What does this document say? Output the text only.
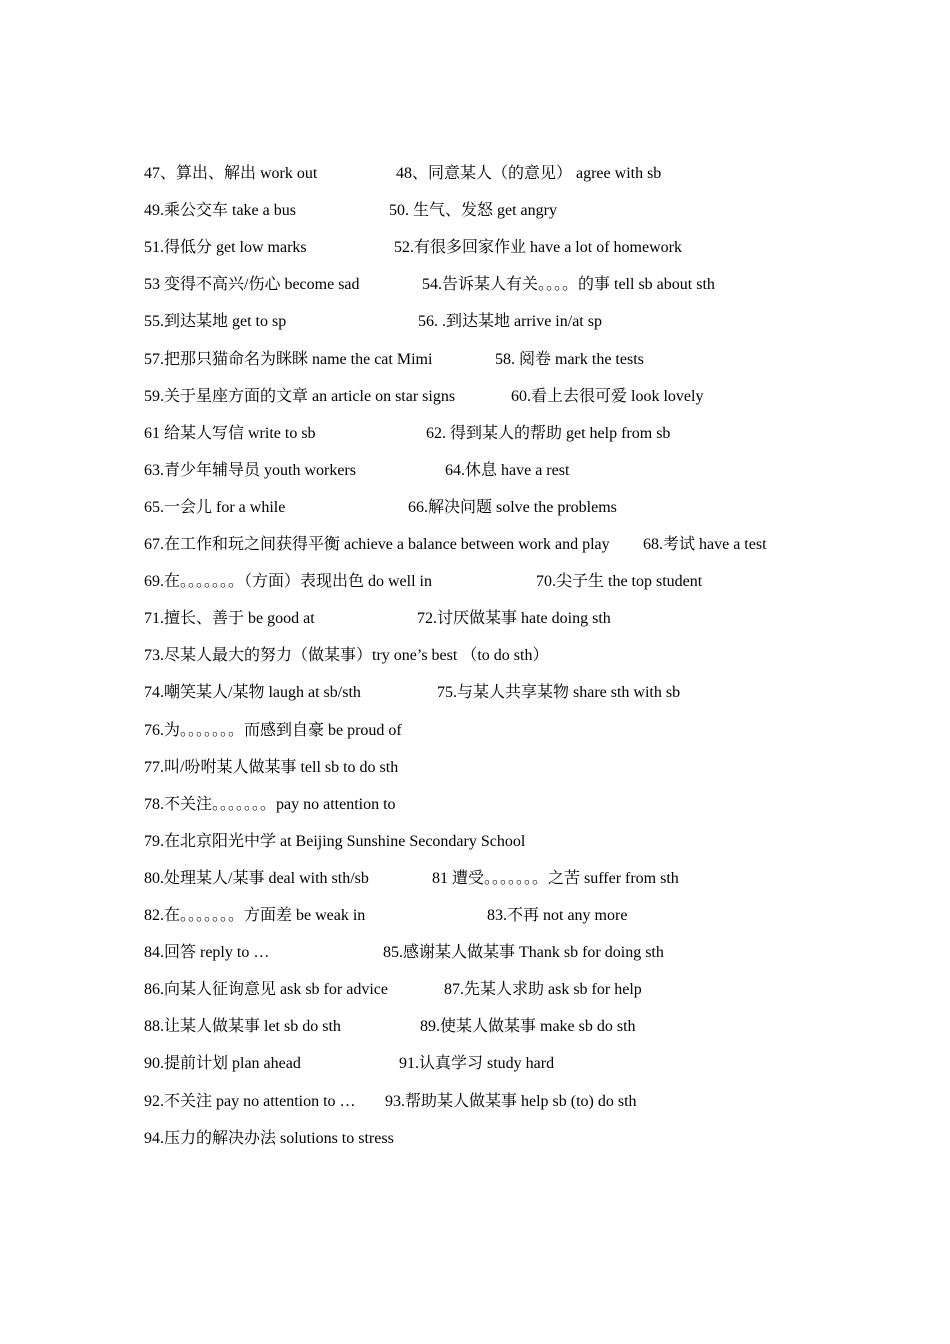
47、算出、解出 work out	48、同意某人（的意见） agree with sb
49.乘公交车 take a bus	50. 生气、发怒 get angry
51.得低分 get low marks	52.有很多回家作业 have a lot of homework
53 变得不高兴/伤心 become sad	54.告诉某人有关。。。。的事 tell sb about sth
55.到达某地 get to sp	56. .到达某地 arrive in/at sp
57.把那只猫命名为眯眯 name the cat Mimi	58. 阅卷 mark the tests
59.关于星座方面的文章 an article on star signs	60.看上去很可爱 look lovely
61 给某人写信 write to sb	62. 得到某人的帮助 get help from sb
63.青少年辅导员 youth workers	64.休息 have a rest
65.一会儿 for a while	66.解决问题 solve the problems
67.在工作和玩之间获得平衡 achieve a balance between work and play 68.考试 have a test
69.在。。。。。。。（方面）表现出色 do well in	70.尖子生 the top student
71.擅长、善于 be good at	72.讨厌做某事 hate doing sth
73.尽某人最大的努力（做某事）try one’s best （to do sth）
74.嘲笑某人/某物 laugh at sb/sth	75.与某人共享某物 share sth with sb
76.为。。。。。。。而感到自豪 be proud of
77.叫/吩咐某人做某事 tell sb to do sth
78.不关注。。。。。。。pay no attention to
79.在北京阳光中学 at Beijing Sunshine Secondary School
80.处理某人/某事 deal with sth/sb	81 遭受。。。。。。。之苦 suffer from sth
82.在。。。。。。。方面差 be weak in	83.不再 not any more
84.回答 reply to …	85.感谢某人做某事 Thank sb for doing sth
86.向某人征询意见 ask sb for advice	87.先某人求助 ask sb for help
88.让某人做某事 let sb do sth	89.使某人做某事 make sb do sth
90.提前计划 plan ahead	91.认真学习 study hard
92.不关注 pay no attention to … 93.帮助某人做某事 help sb (to) do sth
94.压力的解决办法 solutions to stress
